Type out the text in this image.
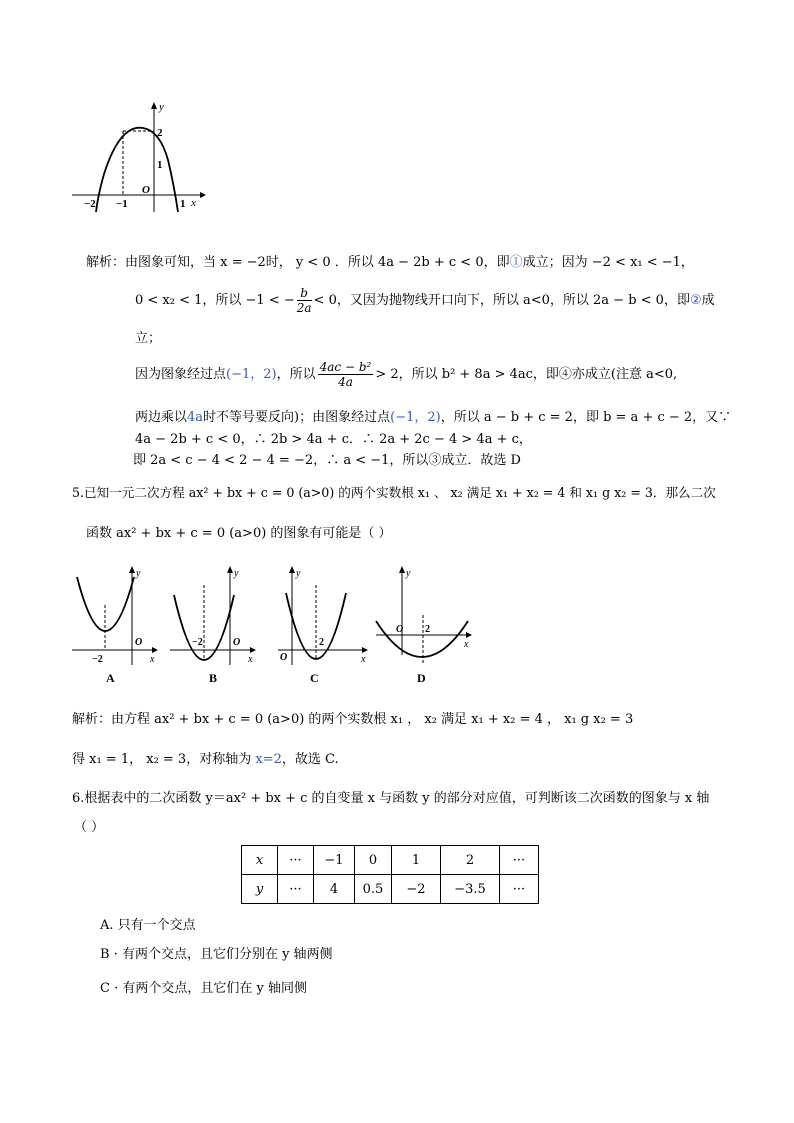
y
x
O
2
1
−2 −1	1
解析：由图象可知，当 x = −2时， y < 0 ．所以 4a − 2b + c < 0，即①成立；因为 −2 < x₁ < −1，
0 < x₂ < 1，所以 −1 < − $\frac{b}{2a} < 0$，又因为抛物线开口向下，所以 a<0，所以 2a − b < 0，即 ② 成
立；
因为图象经过点 (−1，2) ，所以 $\frac{\text{4ac − b²}}{4a} > 2$，所以 b² + 8a > 4ac，即④亦成立(注意 a<0,
两边乘以4a时不等号要反向)；由图象经过点(−1，2)，所以 a − b + c = 2，即 b = a + c − 2，又∵
4a − 2b + c < 0，∴ 2b > 4a + c．∴ 2a + 2c − 4 > 4a + c，
即 2a < c − 4 < 2 − 4 = −2，∴ a < −1，所以③成立．故选 D
5.已知一元二次方程 ax² + bx + c = 0 (a>0) 的两个实数根 x₁ 、 x₂ 满足 x₁ + x₂ = 4 和 x₁ g x₂ = 3．那么二次
函数 ax² + bx + c = 0 (a>0) 的图象有可能是（ ）
y
x
O
−2
A
y
x
O
−2
B
y
x
O
2
C
y
x
O 2
D
解析：由方程 ax² + bx + c = 0 (a>0) 的两个实数根 x₁ ， x₂ 满足 x₁ + x₂ = 4 ， x₁ g x₂ = 3
得 x₁ = 1， x₂ = 3，对称轴为 x=2，故选 C.
6.根据表中的二次函数 y＝ax² + bx + c 的自变量 x 与函数 y 的部分对应值，可判断该二次函数的图象与 x 轴
（ ）
x	···	−1	0	1	2	···
y	···	4	0.5	−2	−3.5	···
A. 只有一个交点
B · 有两个交点，且它们分别在 y 轴两侧
C · 有两个交点，且它们在 y 轴同侧
